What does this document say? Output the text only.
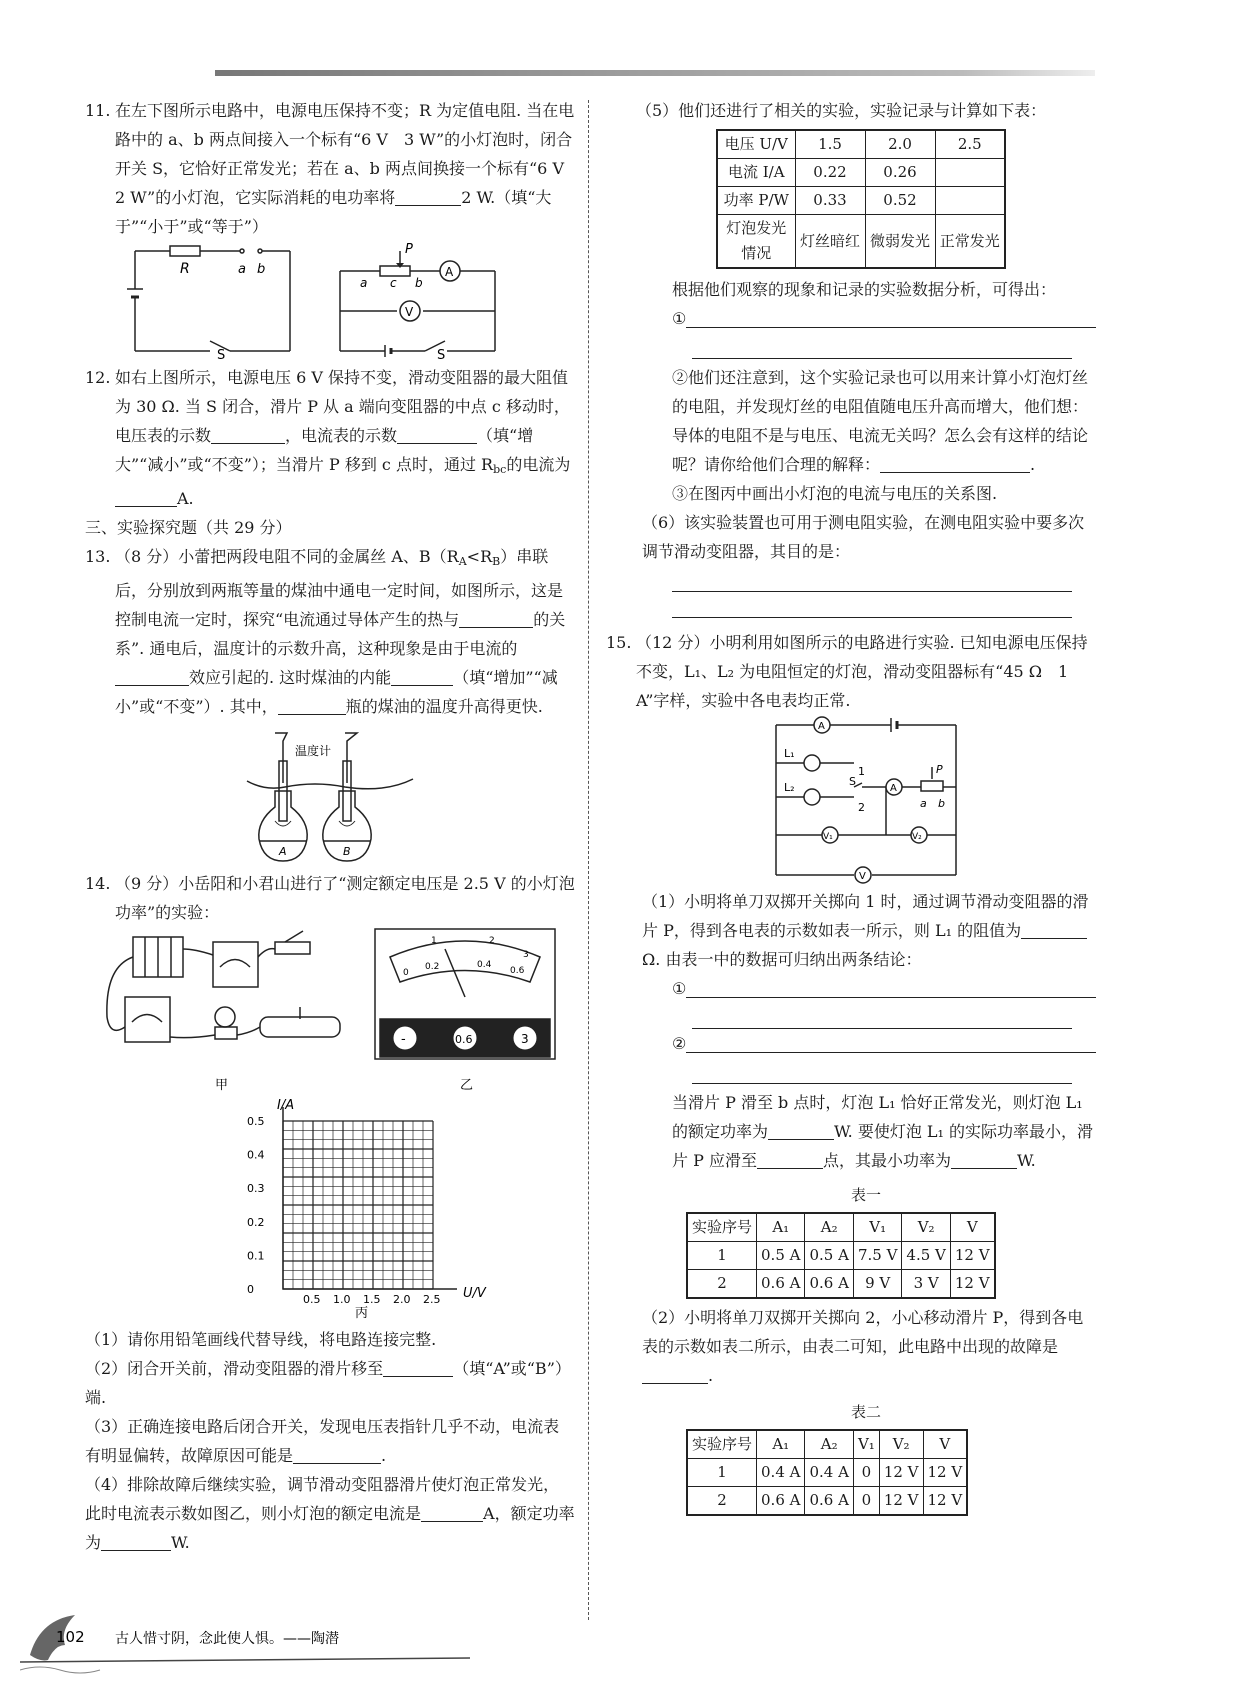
11. 在左下图所示电路中，电源电压保持不变；R 为定值电阻. 当在电路中的 a、b 两点间接入一个标有“6 V　3 W”的小灯泡时，闭合开关 S，它恰好正常发光；若在 a、b 两点间换接一个标有“6 V　2 W”的小灯泡，它实际消耗的电功率将	2 W.（填“大于”“小于”或“等于”）
R	a b
S
P
a c b
A
V
S
12. 如右上图所示，电源电压 6 V 保持不变，滑动变阻器的最大阻值为 30 Ω. 当 S 闭合，滑片 P 从 a 端向变阻器的中点 c 移动时，电压表的示数	，电流表的示数	（填“增大”“减小”或“不变”）；当滑片 P 移到 c 点时，通过 $R_{bc}$的电流为A.
三、实验探究题（共 29 分）
13. （8 分）小蕾把两段电阻不同的金属丝 A、$B(R_A<R_B)$串联后，分别放到两瓶等量的煤油中通电一定时间，如图所示，这是控制电流一定时，探究“电流通过导体产生的热与	的关系”. 通电后，温度计的示数升高，这种现象是由于电流的效应引起的. 这时煤油的内能	（填“增加”“减小”或“不变”）. 其中，	瓶的煤油的温度升高得更快.
温度计
A	B
14. （9 分）小岳阳和小君山进行了“测定额定电压是 2.5 V 的小灯泡功率”的实验：
-	0.6	3
0
1	2
3
0.2	0.4
0.6
甲	乙
I/A
U/V
丙
0.5
0.4
0.3
0.2
0.1
0
0.5 1.0 1.5 2.0 2.5
（1）请你用铅笔画线代替导线，将电路连接完整.
（2）闭合开关前，滑动变阻器的滑片移至	（填“A”或“B”）端.
（3）正确连接电路后闭合开关，发现电压表指针几乎不动，电流表有明显偏转，故障原因可能是	.
（4）排除故障后继续实验，调节滑动变阻器滑片使灯泡正常发光，此时电流表示数如图乙，则小灯泡的额定电流是	A，额定功率为	W.
（5）他们还进行了相关的实验，实验记录与计算如下表：
电压 U/V	1.5	2.0	2.5
电流 I/A	0.22	0.26	
功率 P/W	0.33	0.52	
灯泡发光情况	灯丝暗红	微弱发光	正常发光
根据他们观察的现象和记录的实验数据分析，可得出：
①
②他们还注意到，这个实验记录也可以用来计算小灯泡灯丝的电阻，并发现灯丝的电阻值随电压升高而增大，他们想：导体的电阻不是与电压、电流无关吗？怎么会有这样的结论呢？请你给他们合理的解释：	.
③在图丙中画出小灯泡的电流与电压的关系图.
（6）该实验装置也可用于测电阻实验，在测电阻实验中要多次调节滑动变阻器，其目的是：
15. （12 分）小明利用如图所示的电路进行实验. 已知电源电压保持不变，L₁、L₂ 为电阻恒定的灯泡，滑动变阻器标有“45 Ω　1 A”字样，实验中各电表均正常.
A
A
V₁	V₂
V
L₁
L₂
1
2
S
P
a b
（1）小明将单刀双掷开关掷向 1 时，通过调节滑动变阻器的滑片 P，得到各电表的示数如表一所示，则 L₁ 的阻值为Ω. 由表一中的数据可归纳出两条结论：
①
②
当滑片 P 滑至 b 点时，灯泡 L₁ 恰好正常发光，则灯泡 L₁ 的额定功率为	W. 要使灯泡 L₁ 的实际功率最小，滑片 P 应滑至	点，其最小功率为	W.
表一
实验序号	A₁	A₂	V₁	V₂	V
1	0.5 A	0.5 A	7.5 V	4.5 V	12 V
2	0.6 A	0.6 A	9 V	3 V	12 V
（2）小明将单刀双掷开关掷向 2，小心移动滑片 P，得到各电表的示数如表二所示，由表二可知，此电路中出现的故障是.
表二
实验序号	A₁	A₂	V₁	V₂	V
1	0.4 A	0.4 A	0	12 V	12 V
2	0.6 A	0.6 A	0	12 V	12 V
102 古人惜寸阴，念此使人惧。——陶潜
